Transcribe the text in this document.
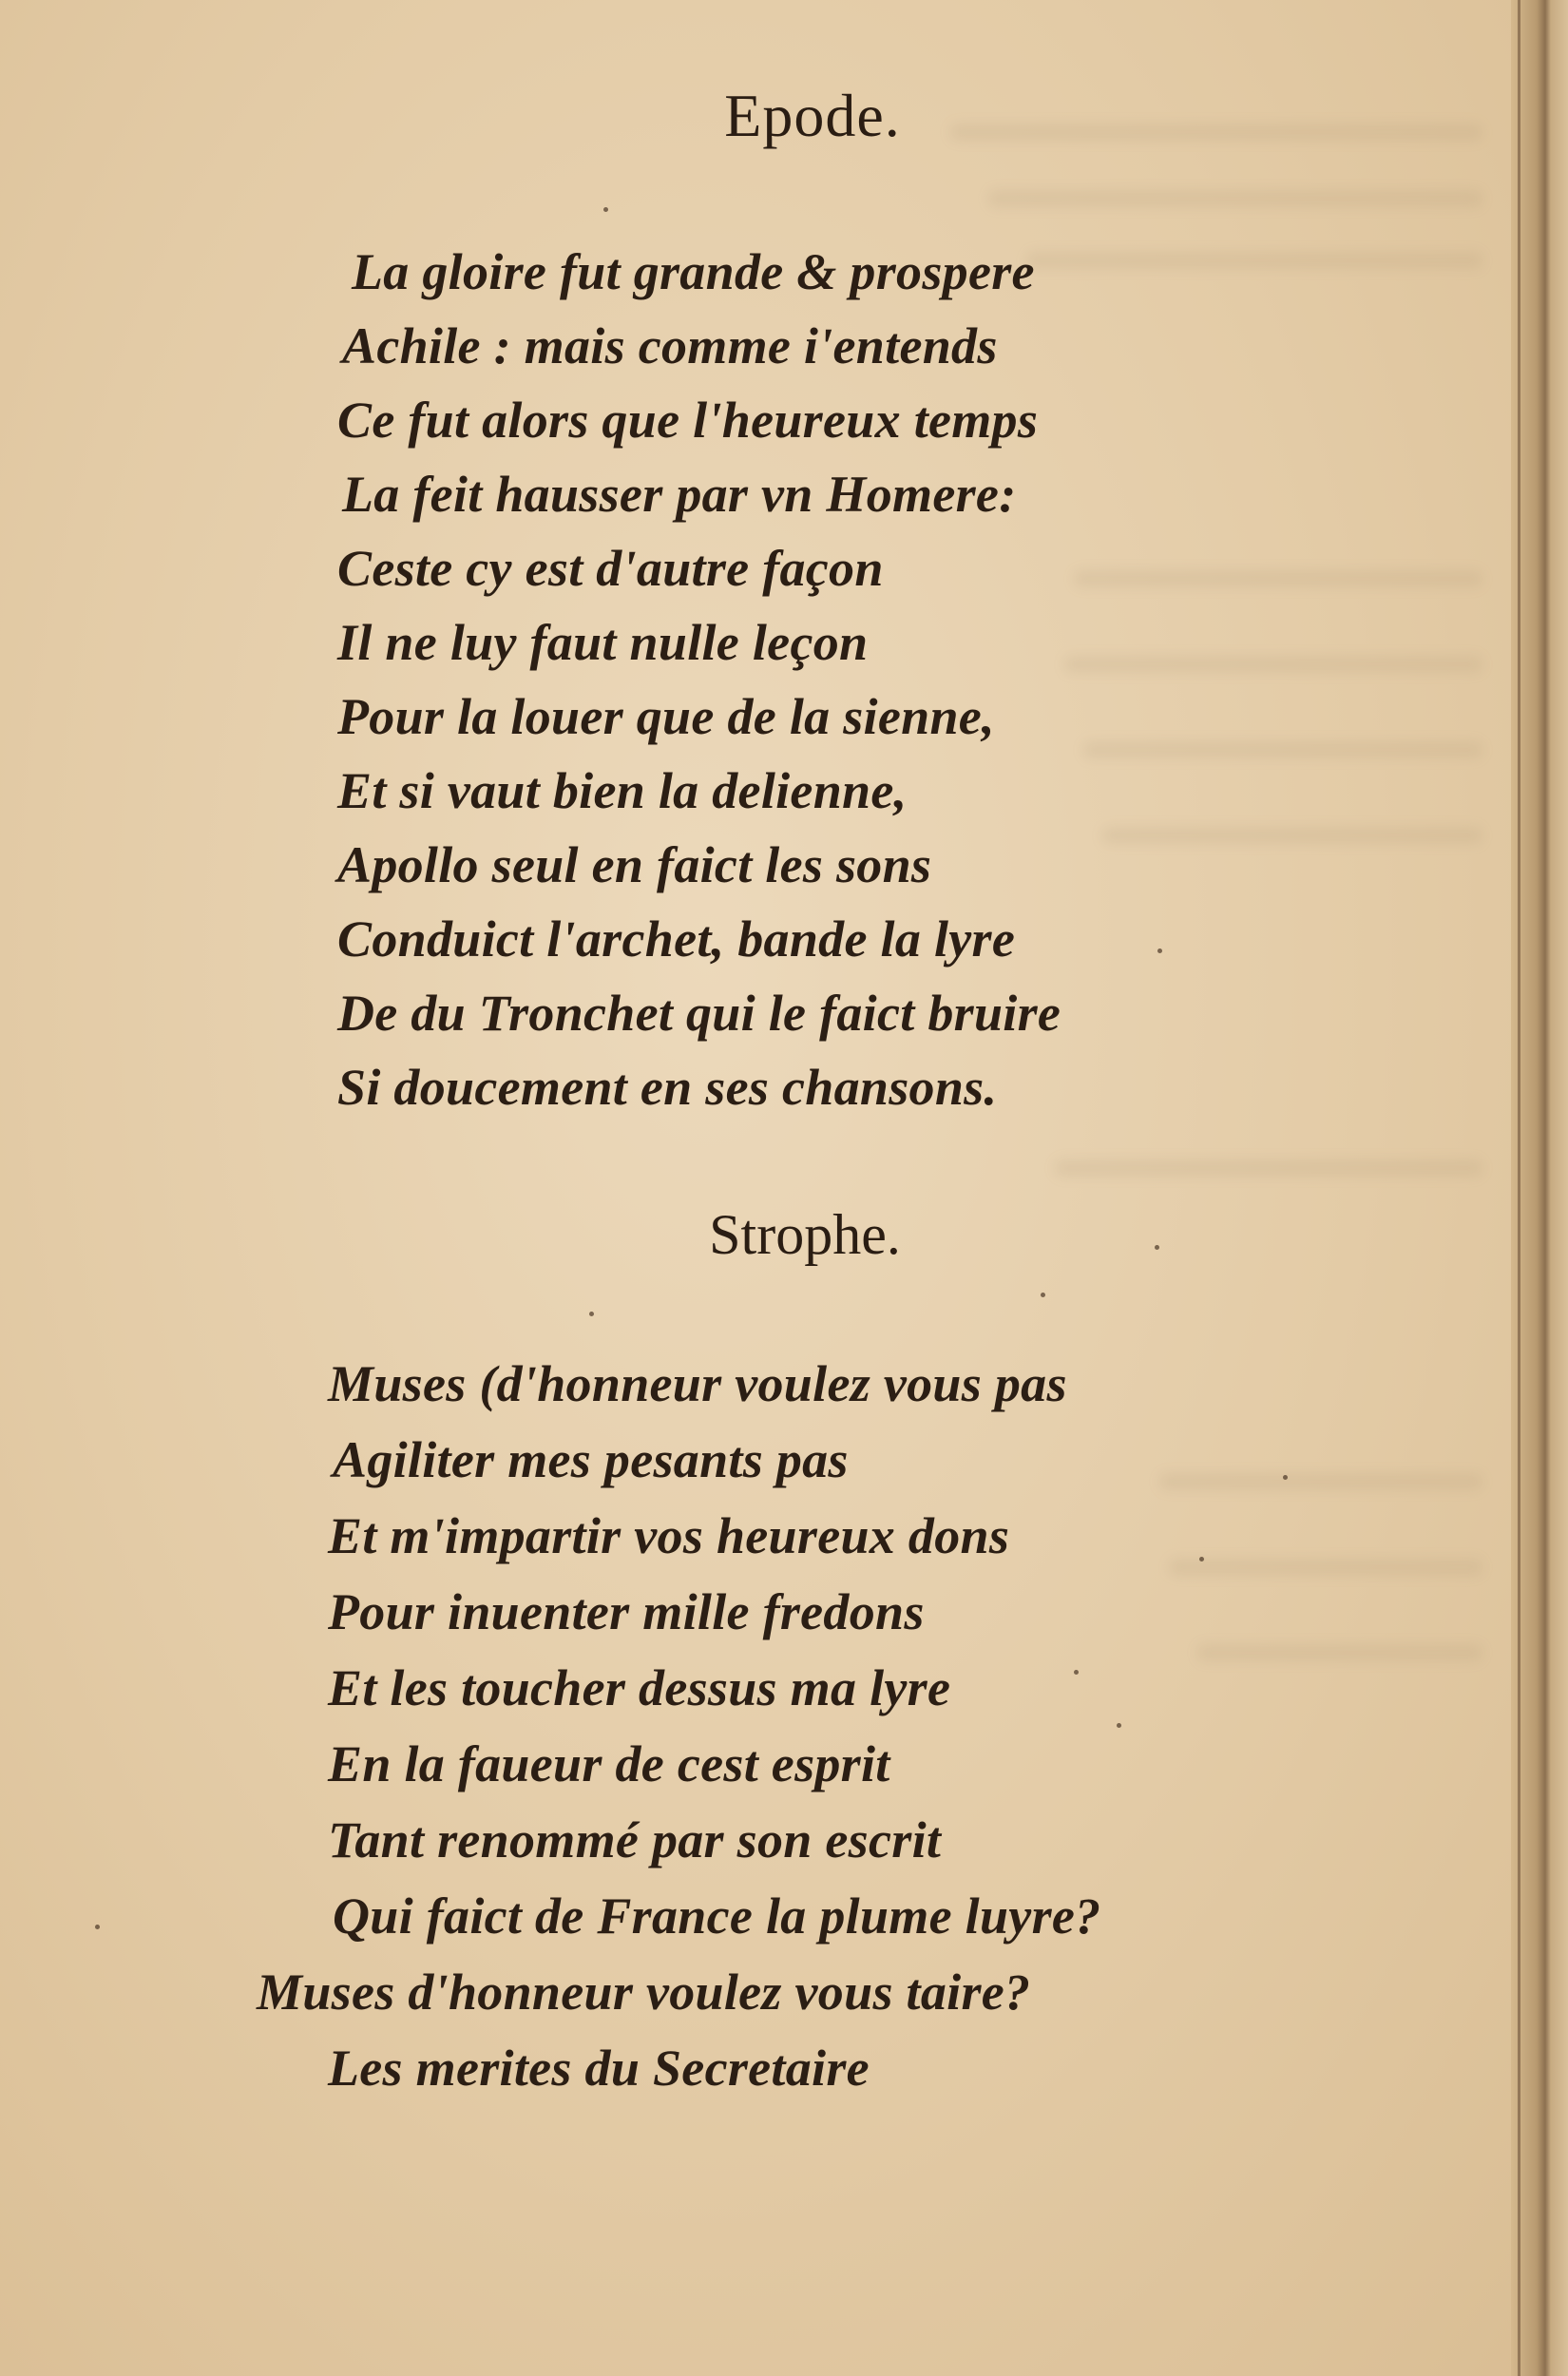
Epode.
La gloire fut grande & prospere
Achile : mais comme i'entends
Ce fut alors que l'heureux temps
La feit hausser par vn Homere:
Ceste cy est d'autre façon
Il ne luy faut nulle leçon
Pour la louer que de la sienne,
Et si vaut bien la delienne,
Apollo seul en faict les sons
Conduict l'archet, bande la lyre
De du Tronchet qui le faict bruire
Si doucement en ses chansons.
Strophe.
Muses (d'honneur voulez vous pas
Agiliter mes pesants pas
Et m'impartir vos heureux dons
Pour inuenter mille fredons
Et les toucher dessus ma lyre
En la faueur de cest esprit
Tant renommé par son escrit
Qui faict de France la plume luyre?
Muses d'honneur voulez vous taire?
Les merites du Secretaire
